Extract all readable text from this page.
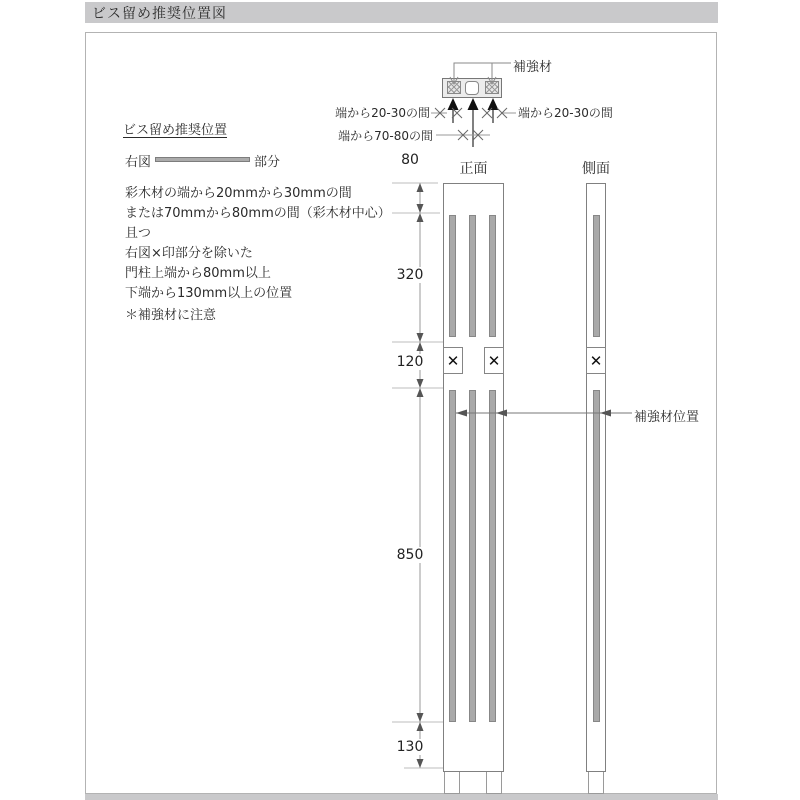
ビス留め推奨位置図
✕ ✕	✕
ビス留め推奨位置
右図	部分
彩木材の端から20mmから30mmの間
または70mmから80mmの間（彩木材中心）
且つ
右図×印部分を除いた
門柱上端から80mm以上
下端から130mm以上の位置
＊補強材に注意
補強材
端から20-30の間	端から20-30の間
端から70-80の間
正面	側面
80
320
120
850
130
補強材位置
